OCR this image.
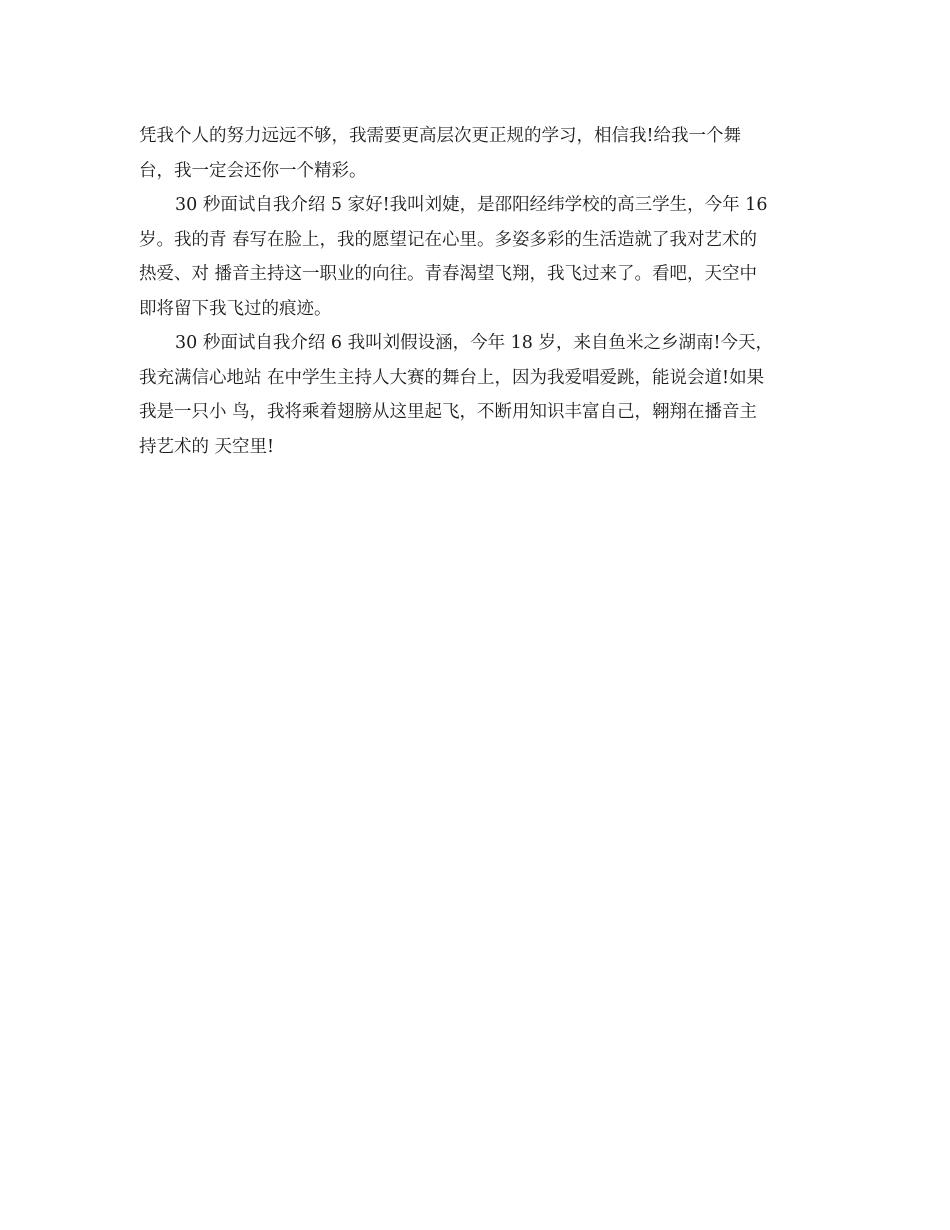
凭我个人的努力远远不够，我需要更高层次更正规的学习，相信我!给我一个舞
台，我一定会还你一个精彩。
30 秒面试自我介绍 5 家好!我叫刘婕，是邵阳经纬学校的高三学生，今年 16
岁。我的青 春写在脸上，我的愿望记在心里。多姿多彩的生活造就了我对艺术的
热爱、对 播音主持这一职业的向往。青春渴望飞翔，我飞过来了。看吧，天空中
即将留下我飞过的痕迹。
30 秒面试自我介绍 6 我叫刘假设涵，今年 18 岁，来自鱼米之乡湖南!今天，
我充满信心地站 在中学生主持人大赛的舞台上，因为我爱唱爱跳，能说会道!如果
我是一只小 鸟，我将乘着翅膀从这里起飞，不断用知识丰富自己，翱翔在播音主
持艺术的 天空里!
